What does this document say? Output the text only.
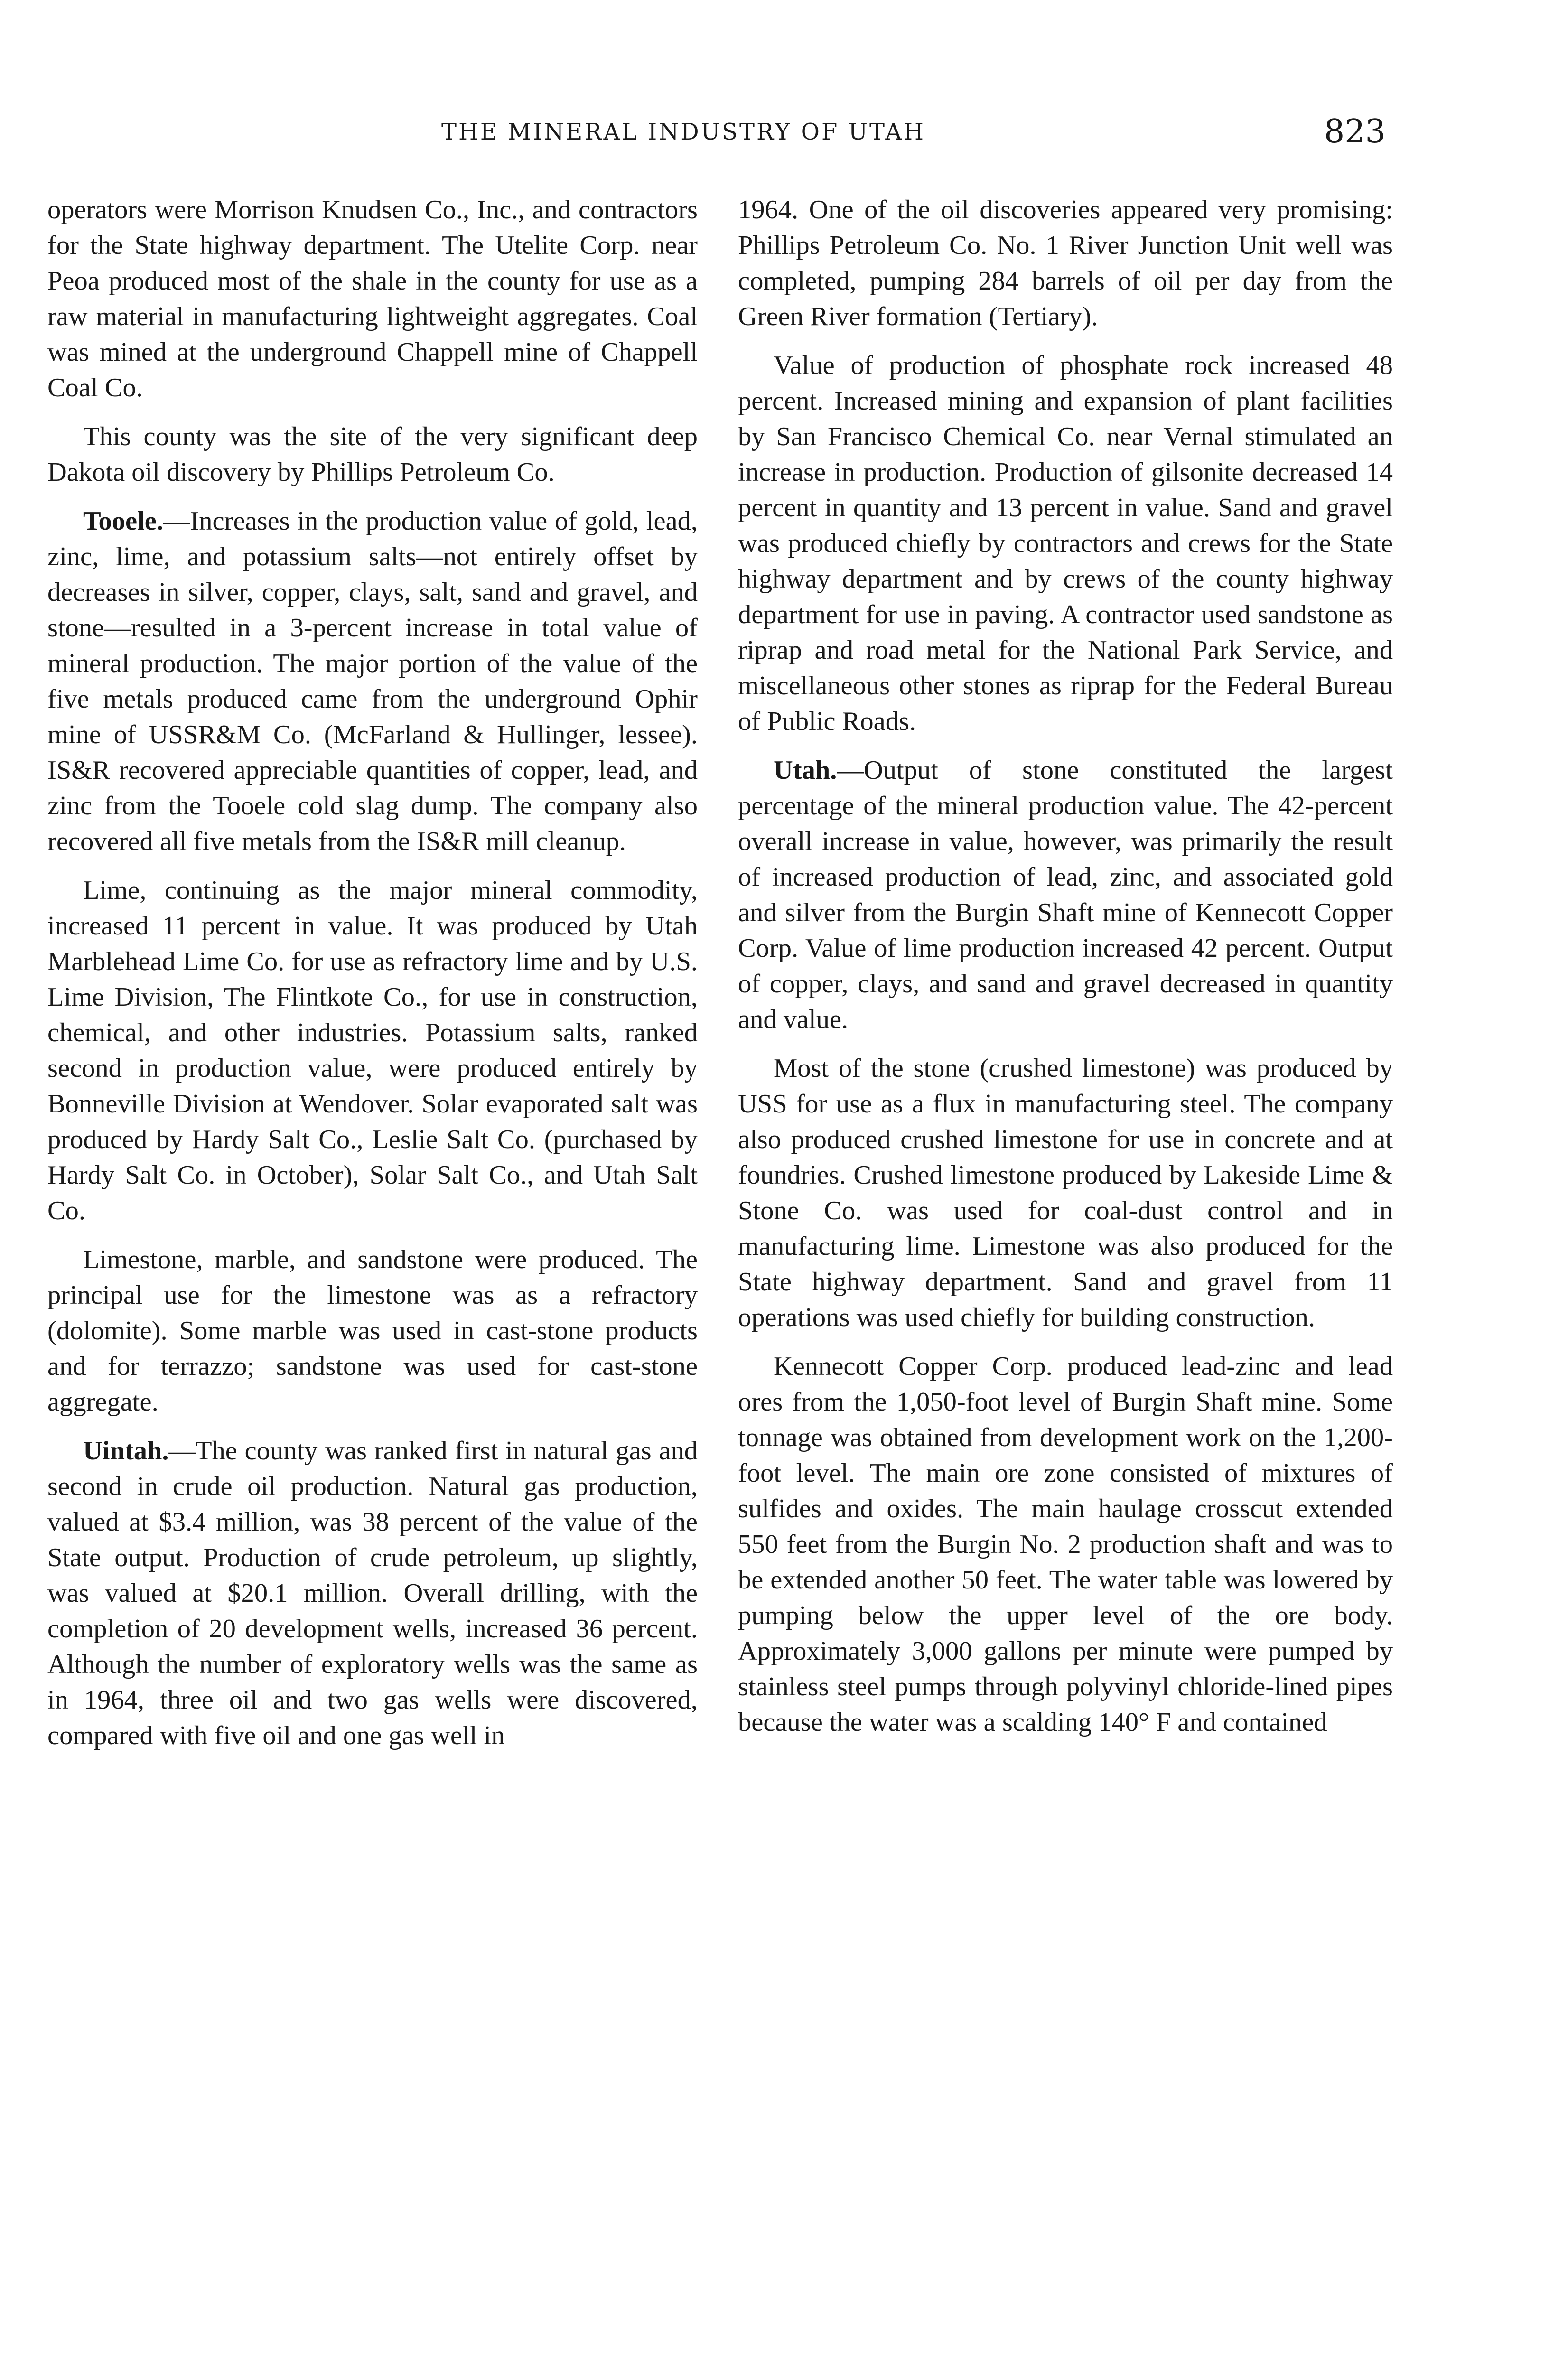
THE MINERAL INDUSTRY OF UTAH	823

operators were Morrison Knudsen Co., Inc., and contractors for the State highway department. The Utelite Corp. near Peoa produced most of the shale in the county for use as a raw material in manufacturing lightweight aggregates. Coal was mined at the underground Chappell mine of Chappell Coal Co.

This county was the site of the very significant deep Dakota oil discovery by Phillips Petroleum Co.

Tooele.—Increases in the production value of gold, lead, zinc, lime, and potassium salts—not entirely offset by decreases in silver, copper, clays, salt, sand and gravel, and stone—resulted in a 3-percent increase in total value of mineral production. The major portion of the value of the five metals produced came from the underground Ophir mine of USSR&M Co. (McFarland & Hullinger, lessee). IS&R recovered appreciable quantities of copper, lead, and zinc from the Tooele cold slag dump. The company also recovered all five metals from the IS&R mill cleanup.

Lime, continuing as the major mineral commodity, increased 11 percent in value. It was produced by Utah Marblehead Lime Co. for use as refractory lime and by U.S. Lime Division, The Flintkote Co., for use in construction, chemical, and other industries. Potassium salts, ranked second in production value, were produced entirely by Bonneville Division at Wendover. Solar evaporated salt was produced by Hardy Salt Co., Leslie Salt Co. (purchased by Hardy Salt Co. in October), Solar Salt Co., and Utah Salt Co.

Limestone, marble, and sandstone were produced. The principal use for the limestone was as a refractory (dolomite). Some marble was used in cast-stone products and for terrazzo; sandstone was used for cast-stone aggregate.

Uintah.—The county was ranked first in natural gas and second in crude oil production. Natural gas production, valued at $3.4 million, was 38 percent of the value of the State output. Production of crude petroleum, up slightly, was valued at $20.1 million. Overall drilling, with the completion of 20 development wells, increased 36 percent. Although the number of exploratory wells was the same as in 1964, three oil and two gas wells were discovered, compared with five oil and one gas well in

1964. One of the oil discoveries appeared very promising: Phillips Petroleum Co. No. 1 River Junction Unit well was completed, pumping 284 barrels of oil per day from the Green River formation (Tertiary).

Value of production of phosphate rock increased 48 percent. Increased mining and expansion of plant facilities by San Francisco Chemical Co. near Vernal stimulated an increase in production. Production of gilsonite decreased 14 percent in quantity and 13 percent in value. Sand and gravel was produced chiefly by contractors and crews for the State highway department and by crews of the county highway department for use in paving. A contractor used sandstone as riprap and road metal for the National Park Service, and miscellaneous other stones as riprap for the Federal Bureau of Public Roads.

Utah.—Output of stone constituted the largest percentage of the mineral production value. The 42-percent overall increase in value, however, was primarily the result of increased production of lead, zinc, and associated gold and silver from the Burgin Shaft mine of Kennecott Copper Corp. Value of lime production increased 42 percent. Output of copper, clays, and sand and gravel decreased in quantity and value.

Most of the stone (crushed limestone) was produced by USS for use as a flux in manufacturing steel. The company also produced crushed limestone for use in concrete and at foundries. Crushed limestone produced by Lakeside Lime & Stone Co. was used for coal-dust control and in manufacturing lime. Limestone was also produced for the State highway department. Sand and gravel from 11 operations was used chiefly for building construction.

Kennecott Copper Corp. produced lead-zinc and lead ores from the 1,050-foot level of Burgin Shaft mine. Some tonnage was obtained from development work on the 1,200-foot level. The main ore zone consisted of mixtures of sulfides and oxides. The main haulage crosscut extended 550 feet from the Burgin No. 2 production shaft and was to be extended another 50 feet. The water table was lowered by pumping below the upper level of the ore body. Approximately 3,000 gallons per minute were pumped by stainless steel pumps through polyvinyl chloride-lined pipes because the water was a scalding 140° F and contained
